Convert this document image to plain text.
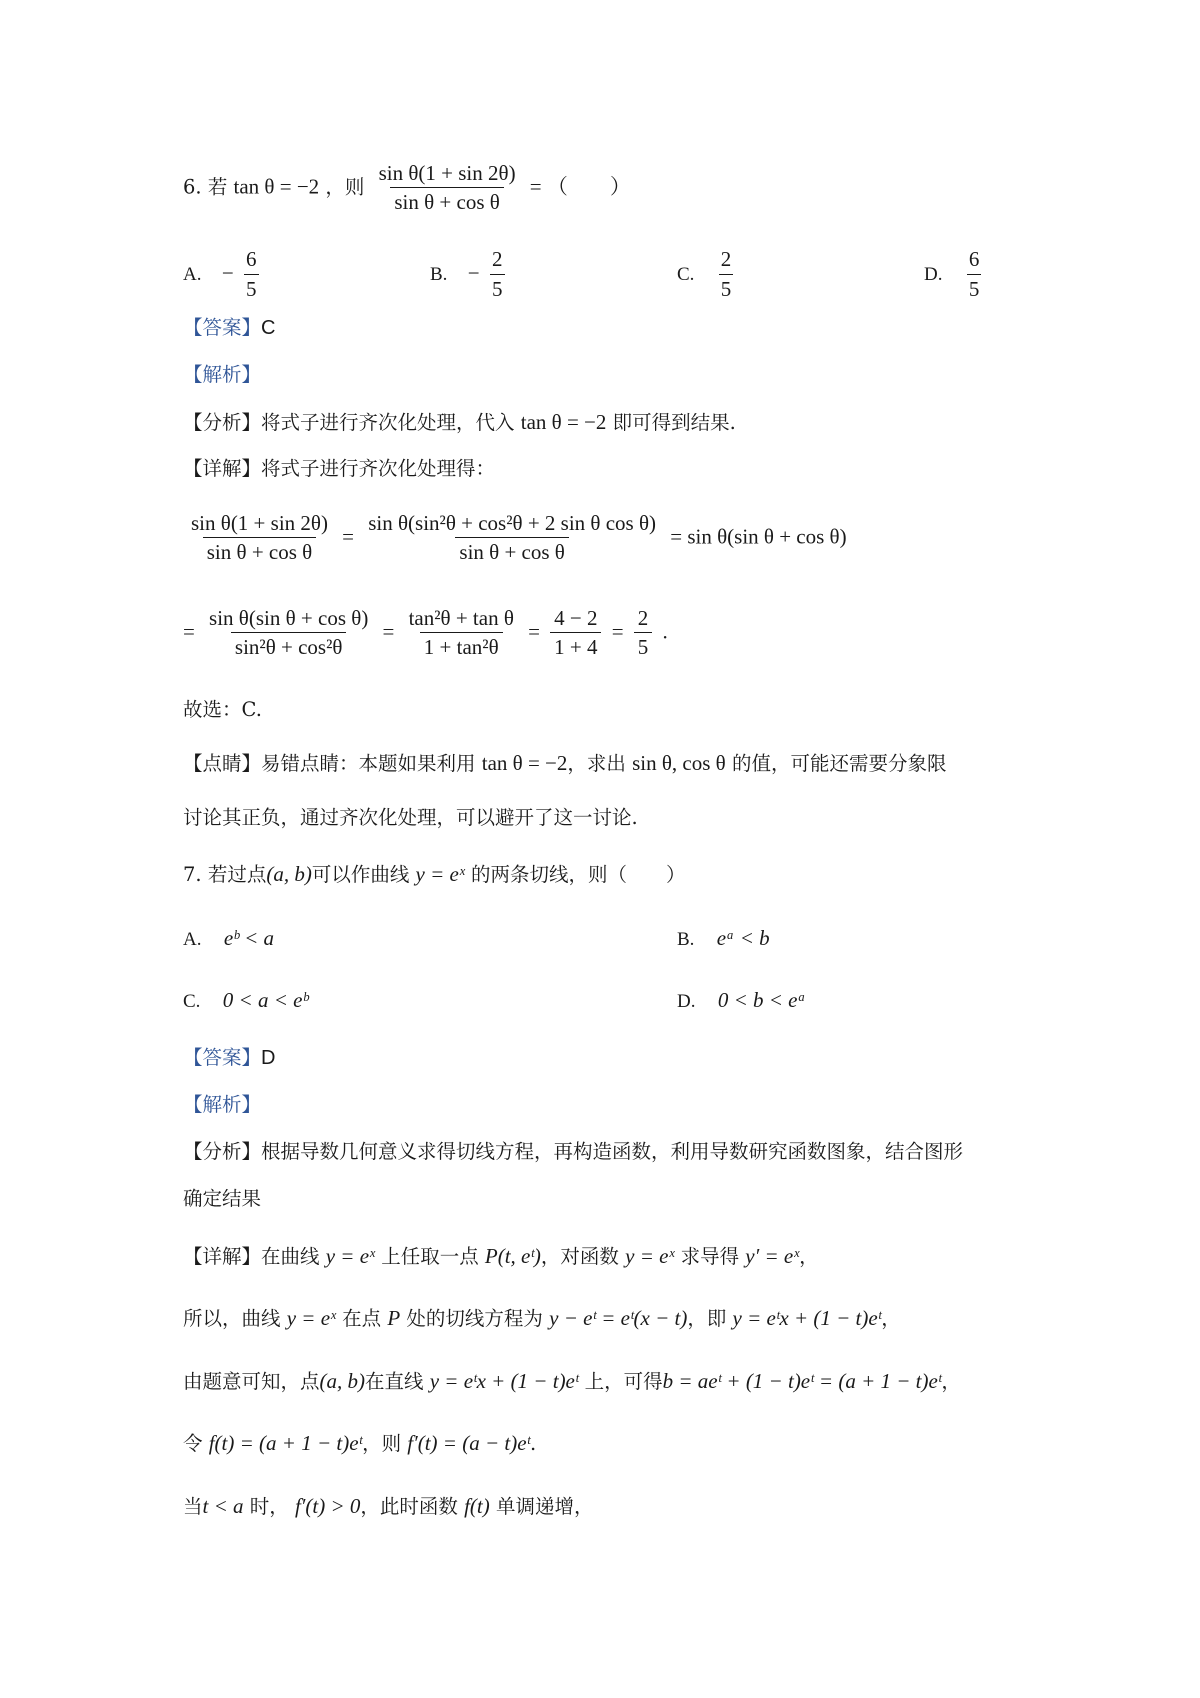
6. 若 tan θ = −2 ，则 $\frac{\text{sin θ(1 + sin 2θ)}}{\text{sin θ + cos θ}}$ = （　　）
A. − $\frac{6}{5}$	B. − $\frac{2}{5}$	C. $\frac{2}{5}$	D. $\frac{6}{5}$
【答案】C
【解析】
【分析】将式子进行齐次化处理，代入 tan θ = −2 即可得到结果.
【详解】将式子进行齐次化处理得：
$\frac{\text{sin θ(1 + sin 2θ)}}{\text{sin θ + cos θ}} = \frac{\text{sin θ(sin²θ + cos²θ + 2 sin θ cos θ)}}{\text{sin θ + cos θ}} = \sin \theta(\sin$ θ + cos θ)
= $\frac{\text{sin θ(sin θ + cos θ)}}{\text{sin²θ + cos²θ}} = \frac{\text{tan²θ + tan θ}}{\text{1 + tan²θ}} = \frac{4 - 2}{1 + 4} = \frac{2}{5}$ .
故选：C.
【点睛】易错点睛：本题如果利用 tan θ = −2，求出 sin θ, cos θ 的值，可能还需要分象限
讨论其正负，通过齐次化处理，可以避开了这一讨论.
7. 若过点(a, b)可以作曲线 y = eˣ 的两条切线，则（　　）
A. eᵇ < a	B. eᵃ < b
C. 0 < a < eᵇ	D. 0 < b < eᵃ
【答案】D
【解析】
【分析】根据导数几何意义求得切线方程，再构造函数，利用导数研究函数图象，结合图形
确定结果
【详解】在曲线 y = eˣ 上任取一点 P(t, eᵗ)，对函数 y = eˣ 求导得 y′ = eˣ，
所以，曲线 y = eˣ 在点 P 处的切线方程为 y − eᵗ = eᵗ(x − t)，即 y = eᵗx + (1 − t)eᵗ，
由题意可知，点(a, b)在直线 y = eᵗx + (1 − t)eᵗ 上，可得b = aeᵗ + (1 − t)eᵗ = (a + 1 − t)eᵗ，
令 f(t) = (a + 1 − t)eᵗ，则 f′(t) = (a − t)eᵗ.
当t < a 时， f′(t) > 0，此时函数 f(t) 单调递增，
